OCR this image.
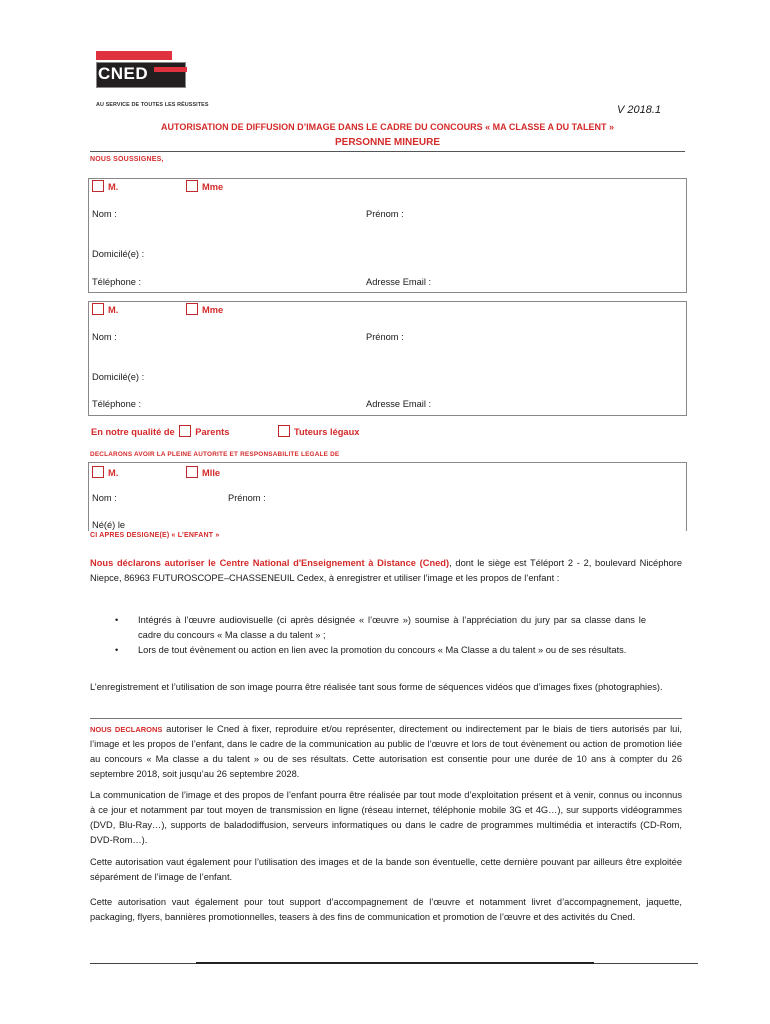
CNED
AU SERVICE DE TOUTES LES RÉUSSITES	V 2018.1
AUTORISATION DE DIFFUSION D’IMAGE DANS LE CADRE DU CONCOURS « MA CLASSE A DU TALENT »
PERSONNE MINEURE
NOUS SOUSSIGNES,
M.	Mme
Nom :	Prénom :
Domicilé(e) :
Téléphone :	Adresse Email :
M.	Mme
Nom :	Prénom :
Domicilé(e) :
Téléphone :	Adresse Email :
En notre qualité de Parents	Tuteurs légaux
DECLARONS AVOIR LA PLEINE AUTORITE ET RESPONSABILITE LEGALE DE
M.	Mlle
Nom :	Prénom :
Né(é) le
CI APRES DESIGNE(E) « L’ENFANT »
Nous déclarons autoriser le Centre National d'Enseignement à Distance (Cned), dont le siège est Téléport 2 - 2, boulevard Nicéphore Niepce, 86963 FUTUROSCOPE–CHASSENEUIL Cedex, à enregistrer et utiliser l’image et les propos de l’enfant :
• Intégrés à l’œuvre audiovisuelle (ci après désignée « l’œuvre ») soumise à l’appréciation du jury par sa classe dans le cadre du concours « Ma classe a du talent » ;
• Lors de tout évènement ou action en lien avec la promotion du concours « Ma Classe a du talent » ou de ses résultats.
L’enregistrement et l’utilisation de son image pourra être réalisée tant sous forme de séquences vidéos que d’images fixes (photographies).
NOUS DECLARONS autoriser le Cned à fixer, reproduire et/ou représenter, directement ou indirectement par le biais de tiers autorisés par lui, l’image et les propos de l’enfant, dans le cadre de la communication au public de l’œuvre et lors de tout évènement ou action de promotion liée au concours « Ma classe a du talent » ou de ses résultats. Cette autorisation est consentie pour une durée de 10 ans à compter du 26 septembre 2018, soit jusqu’au 26 septembre 2028.
La communication de l’image et des propos de l’enfant pourra être réalisée par tout mode d’exploitation présent et à venir, connus ou inconnus à ce jour et notamment par tout moyen de transmission en ligne (réseau internet, téléphonie mobile 3G et 4G…), sur supports vidéogrammes (DVD, Blu-Ray…), supports de baladodiffusion, serveurs informatiques ou dans le cadre de programmes multimédia et interactifs (CD-Rom, DVD-Rom…).
Cette autorisation vaut également pour l’utilisation des images et de la bande son éventuelle, cette dernière pouvant par ailleurs être exploitée séparément de l’image de l’enfant.
Cette autorisation vaut également pour tout support d’accompagnement de l’œuvre et notamment livret d’accompagnement, jaquette, packaging, flyers, bannières promotionnelles, teasers à des fins de communication et promotion de l’œuvre et des activités du Cned.
